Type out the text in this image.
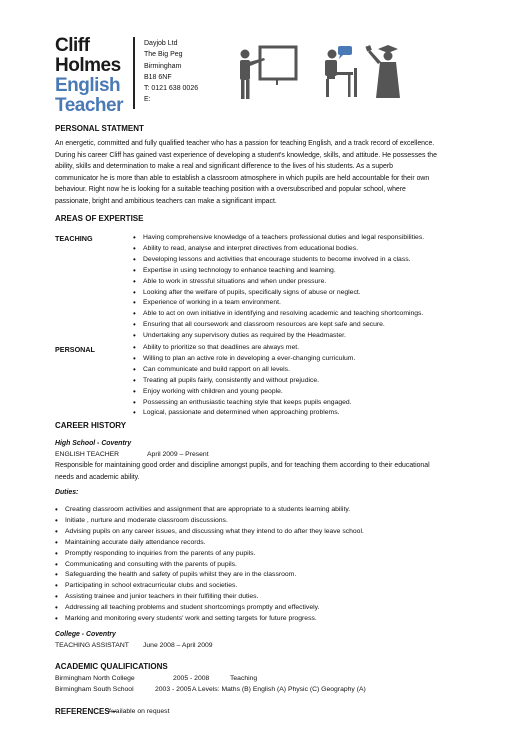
Cliff
Holmes
English
Teacher
Dayjob Ltd
The Big Peg
Birmingham
B18 6NF
T: 0121 638 0026
E:
PERSONAL STATMENT
An energetic, committed and fully qualified teacher who has a passion for teaching English, and a track record of excellence.
During his career Cliff has gained vast experience of developing a student's knowledge, skills, and attitude. He possesses the
ability, skills and determination to make a real and significant difference to the lives of his students. As a superb
communicator he is more than able to establish a classroom atmosphere in which pupils are held accountable for their own
behaviour. Right now he is looking for a suitable teaching position with a oversubscribed and popular school, where
passionate, bright and ambitious teachers can make a significant impact.
AREAS OF EXPERTISE
TEACHING	• Having comprehensive knowledge of a teachers professional duties and legal responsibilities.
• Ability to read, analyse and interpret directives from educational bodies.
• Developing lessons and activities that encourage students to become involved in a class.
• Expertise in using technology to enhance teaching and learning.
• Able to work in stressful situations and when under pressure.
• Looking after the welfare of pupils, specifically signs of abuse or neglect.
• Experience of working in a team environment.
• Able to act on own initiative in identifying and resolving academic and teaching shortcomings.
• Ensuring that all coursework and classroom resources are kept safe and secure.
• Undertaking any supervisory duties as required by the Headmaster.
PERSONAL	• Ability to prioritize so that deadlines are always met.
• Willing to plan an active role in developing a ever-changing curriculum.
• Can communicate and build rapport on all levels.
• Treating all pupils fairly, consistently and without prejudice.
• Enjoy working with children and young people.
• Possessing an enthusiastic teaching style that keeps pupils engaged.
• Logical, passionate and determined when approaching problems.
CAREER HISTORY
High School - Coventry
ENGLISH TEACHER	April 2009 – Present
Responsible for maintaining good order and discipline amongst pupils, and for teaching them according to their educational
needs and academic ability.
Duties:
• Creating classroom activities and assignment that are appropriate to a students learning ability.
• Initiate , nurture and moderate classroom discussions.
• Advising pupils on any career issues, and discussing what they intend to do after they leave school.
• Maintaining accurate daily attendance records.
• Promptly responding to inquiries from the parents of any pupils.
• Communicating and consulting with the parents of pupils.
• Safeguarding the health and safety of pupils whilst they are in the classroom.
• Participating in school extracurricular clubs and societies.
• Assisting trainee and junior teachers in their fulfilling their duties.
• Addressing all teaching problems and student shortcomings promptly and effectively.
• Marking and monitoring every students' work and setting targets for future progress.
College - Coventry
TEACHING ASSISTANT June 2008 – April 2009
ACADEMIC QUALIFICATIONS
Birmingham North College	2005 - 2008	Teaching
Birmingham South School	2003 - 2005 A Levels: Maths (B) English (A) Physic (C) Geography (A)
REFERENCES –
Available on request
